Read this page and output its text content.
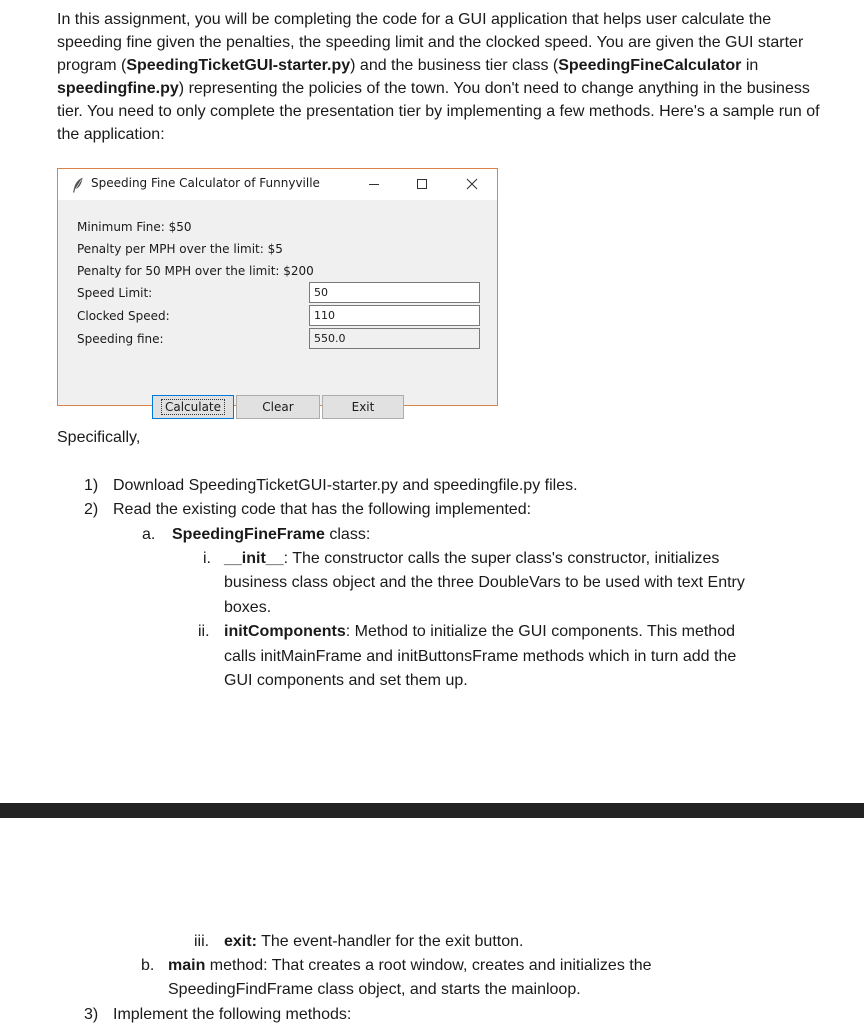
In this assignment, you will be completing the code for a GUI application that helps user calculate the speeding fine given the penalties, the speeding limit and the clocked speed. You are given the GUI starter program (SpeedingTicketGUI-starter.py) and the business tier class (SpeedingFineCalculator in speedingfine.py) representing the policies of the town. You don't need to change anything in the business tier. You need to only complete the presentation tier by implementing a few methods. Here's a sample run of the application:

Speeding Fine Calculator of Funnyville
Minimum Fine: $50
Penalty per MPH over the limit: $5
Penalty for 50 MPH over the limit: $200
Speed Limit:
Clocked Speed:
Speeding fine:
50
110
550.0
Calculate	Clear	Exit

Specifically,

1) Download SpeedingTicketGUI-starter.py and speedingfile.py files.
2) Read the existing code that has the following implemented:
a. SpeedingFineFrame class:
i. __init__: The constructor calls the super class's constructor, initializes
business class object and the three DoubleVars to be used with text Entry
boxes.
ii. initComponents: Method to initialize the GUI components. This method
calls initMainFrame and initButtonsFrame methods which in turn add the
GUI components and set them up.
iii. exit: The event-handler for the exit button.
b. main method: That creates a root window, creates and initializes the
SpeedingFindFrame class object, and starts the mainloop.
3) Implement the following methods:
